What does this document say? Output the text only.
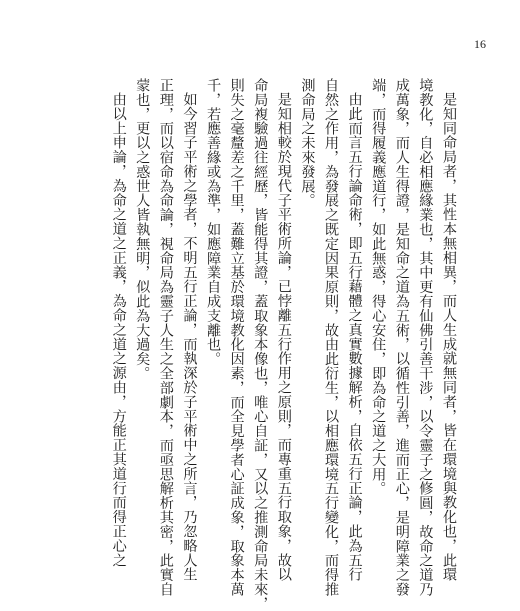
16
是知同命局者，其性本無相異，而人生成就無同者，皆在環境與教化也，此環
境教化，自必相應緣業也，其中更有仙佛引善干涉，以令靈子之修圓，故命之道乃
成萬象，而人生得證，是知命之道為五術，以循性引善，進而正心，是明障業之發
端，而得履義應道行，如此無惑，得心安住，即為命之道之大用。
由此而言五行論命術，即五行藉體之真實數據解析，自依五行正論，此為五行
自然之作用，為發展之既定因果原則，故由此衍生，以相應環境五行變化，而得推
測命局之未來發展。
是知相較於現代子平術所論，已悖離五行作用之原則，而專重五行取象，故以
命局複驗過往經歷，皆能得其證，蓋取象本像也，唯心自証，又以之推測命局未來，
則失之毫釐差之千里，蓋難立基於環境教化因素，而全見學者心証成象，取象本萬
千，若應善緣或為準，如應障業自成支離也。
如今習子平術之學者，不明五行正論，而執深於子平術中之所言，乃忽略人生
正理，而以宿命為命論，視命局為靈子人生之全部劇本，而亟思解析其密，此實自
蒙也，更以之惑世人皆執無明，似此為大過矣。
由以上申論，為命之道之正義，為命之道之源由，方能正其道行而得正心之
